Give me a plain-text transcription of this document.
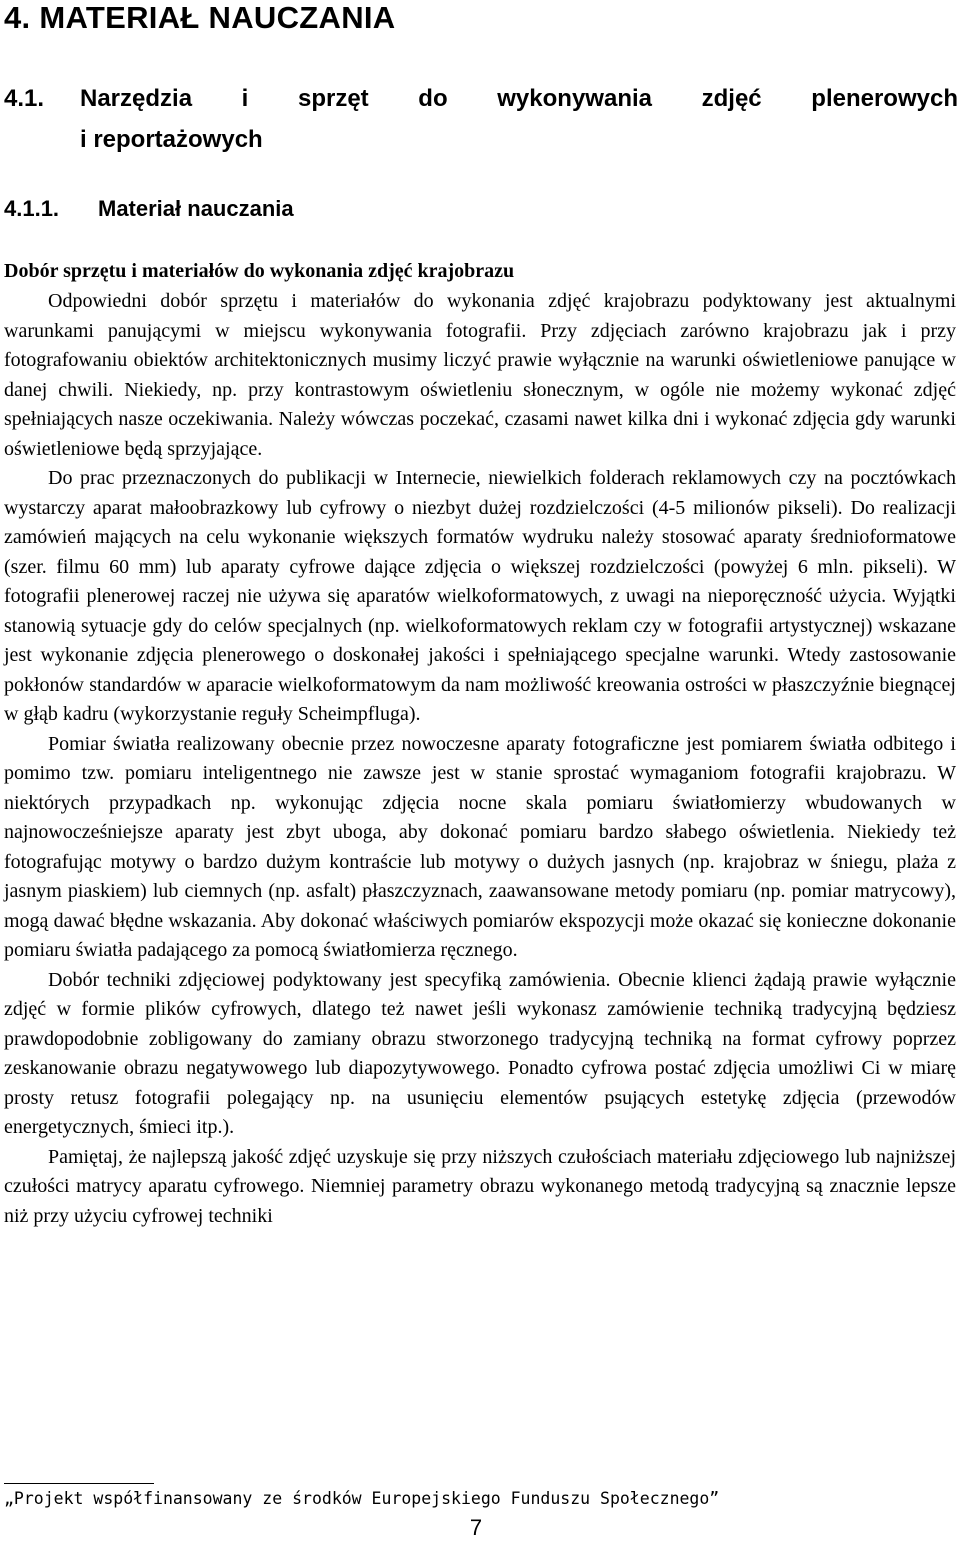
4. MATERIAŁ NAUCZANIA
4.1. Narzędzia i sprzęt do wykonywania zdjęć plenerowych
i reportażowych
4.1.1. Materiał nauczania
Dobór sprzętu i materiałów do wykonania zdjęć krajobrazu

Odpowiedni dobór sprzętu i materiałów do wykonania zdjęć krajobrazu podyktowany jest aktualnymi warunkami panującymi w miejscu wykonywania fotografii. Przy zdjęciach zarówno krajobrazu jak i przy fotografowaniu obiektów architektonicznych musimy liczyć prawie wyłącznie na warunki oświetleniowe panujące w danej chwili. Niekiedy, np. przy kontrastowym oświetleniu słonecznym, w ogóle nie możemy wykonać zdjęć spełniających nasze oczekiwania. Należy wówczas poczekać, czasami nawet kilka dni i wykonać zdjęcia gdy warunki oświetleniowe będą sprzyjające.

Do prac przeznaczonych do publikacji w Internecie, niewielkich folderach reklamowych czy na pocztówkach wystarczy aparat małoobrazkowy lub cyfrowy o niezbyt dużej rozdzielczości (4-5 milionów pikseli). Do realizacji zamówień mających na celu wykonanie większych formatów wydruku należy stosować aparaty średnioformatowe (szer. filmu 60 mm) lub aparaty cyfrowe dające zdjęcia o większej rozdzielczości (powyżej 6 mln. pikseli). W fotografii plenerowej raczej nie używa się aparatów wielkoformatowych, z uwagi na nieporęczność użycia. Wyjątki stanowią sytuacje gdy do celów specjalnych (np. wielkoformatowych reklam czy w fotografii artystycznej) wskazane jest wykonanie zdjęcia plenerowego o doskonałej jakości i spełniającego specjalne warunki. Wtedy zastosowanie pokłonów standardów w aparacie wielkoformatowym da nam możliwość kreowania ostrości w płaszczyźnie biegnącej w głąb kadru (wykorzystanie reguły Scheimpfluga).

Pomiar światła realizowany obecnie przez nowoczesne aparaty fotograficzne jest pomiarem światła odbitego i pomimo tzw. pomiaru inteligentnego nie zawsze jest w stanie sprostać wymaganiom fotografii krajobrazu. W niektórych przypadkach np. wykonując zdjęcia nocne skala pomiaru światłomierzy wbudowanych w najnowocześniejsze aparaty jest zbyt uboga, aby dokonać pomiaru bardzo słabego oświetlenia. Niekiedy też fotografując motywy o bardzo dużym kontraście lub motywy o dużych jasnych (np. krajobraz w śniegu, plaża z jasnym piaskiem) lub ciemnych (np. asfalt) płaszczyznach, zaawansowane metody pomiaru (np. pomiar matrycowy), mogą dawać błędne wskazania. Aby dokonać właściwych pomiarów ekspozycji może okazać się konieczne dokonanie pomiaru światła padającego za pomocą światłomierza ręcznego.

Dobór techniki zdjęciowej podyktowany jest specyfiką zamówienia. Obecnie klienci żądają prawie wyłącznie zdjęć w formie plików cyfrowych, dlatego też nawet jeśli wykonasz zamówienie techniką tradycyjną będziesz prawdopodobnie zobligowany do zamiany obrazu stworzonego tradycyjną techniką na format cyfrowy poprzez zeskanowanie obrazu negatywowego lub diapozytywowego. Ponadto cyfrowa postać zdjęcia umożliwi Ci w miarę prosty retusz fotografii polegający np. na usunięciu elementów psujących estetykę zdjęcia (przewodów energetycznych, śmieci itp.).

Pamiętaj, że najlepszą jakość zdjęć uzyskuje się przy niższych czułościach materiału zdjęciowego lub najniższej czułości matrycy aparatu cyfrowego. Niemniej parametry obrazu wykonanego metodą tradycyjną są znacznie lepsze niż przy użyciu cyfrowej techniki

„Projekt współfinansowany ze środków Europejskiego Funduszu Społecznego”
7
